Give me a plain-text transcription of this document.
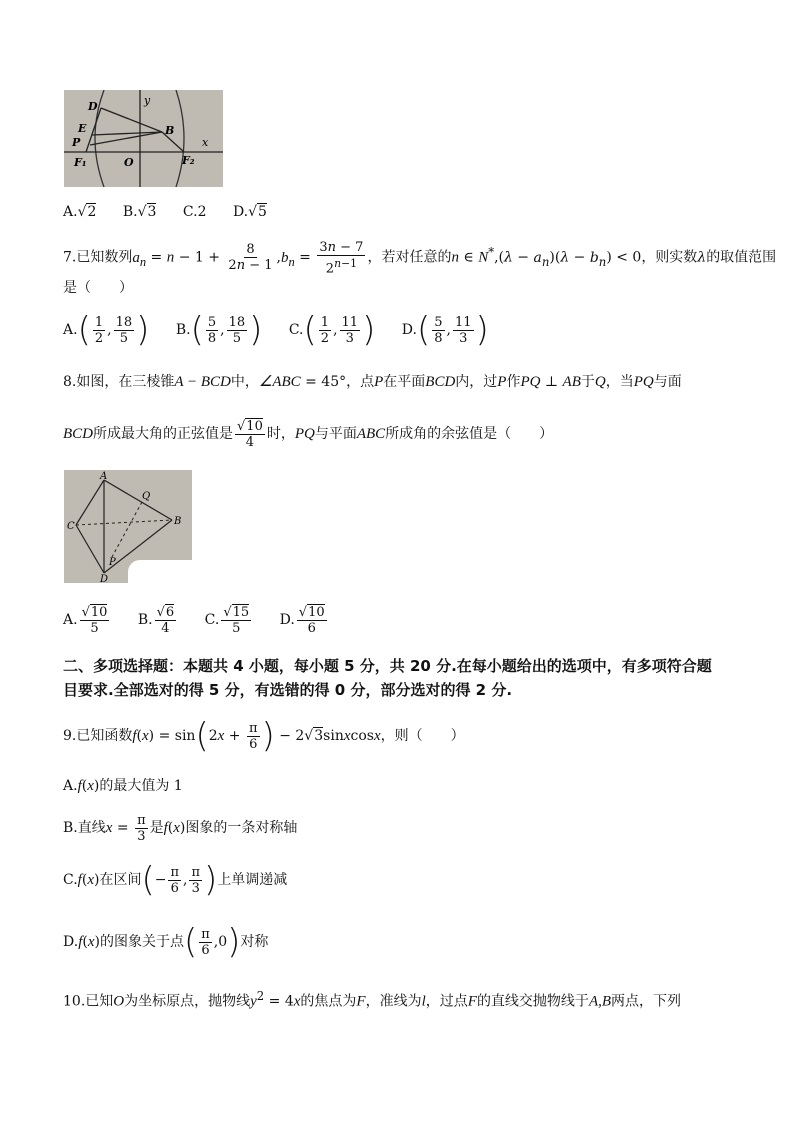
D
E
P
F₁	O
B
F₂
x
y
A.√2 B.√3 C.2 D.√5
7.已知数列$a_n = n - 1 + \frac{8}{2n - 1} ,b_n = \frac{3n - 7}{2^{n-1}}$ ，若对任意的n ∈ $N^*,(\lambda - a_n)(\lambda - b_n) < 0$，则实数λ的取值范围
是（　　）
$A.( \frac{1}{2}$ , $\frac{18}{5}$ ) $B.( \frac{5}{8}$ , $\frac{18}{5}$ ) $C.( \frac{1}{2}$ , $\frac{11}{3}$ ) $D.( \frac{5}{8}$ , $\frac{11}{3}$ )
8.如图，在三棱锥A − BCD中，∠ABC = 45°，点P在平面BCD内，过P作PQ ⊥ AB于Q，当PQ与面
BCD所成最大角的正弦值是 $\frac{√10}{4}$ 时，PQ与平面ABC所成角的余弦值是（　　）
A
Q
C	B
P
D
A. $\frac{√10}{5} B$. $\frac{√6}{4} C$. $\frac{√15}{5} D$. $\frac{√10}{6}$
二、多项选择题：本题共 4 小题，每小题 5 分，共 20 分.在每小题给出的选项中，有多项符合题
目要求.全部选对的得 5 分，有选错的得 0 分，部分选对的得 2 分.
9.已知函数$f(x) = \sin(2x + \frac{\pi}{6}$ ) − 2√3sinxcosx，则（　　）
A.f(x)的最大值为 1
B.直线$x = \frac{\pi}{3}$ 是f(x)图象的一条对称轴
C.f(x)在区间(− $\frac{\pi}{6}$ , $\frac{\pi}{3}$ )上单调递减
D.f(x)的图象关于点( $\frac{\pi}{6} ,0$)对称
10.已知O为坐标原点，抛物线$y^2 = 4x$的焦点为F，准线为l，过点F的直线交抛物线于A,B两点，下列
